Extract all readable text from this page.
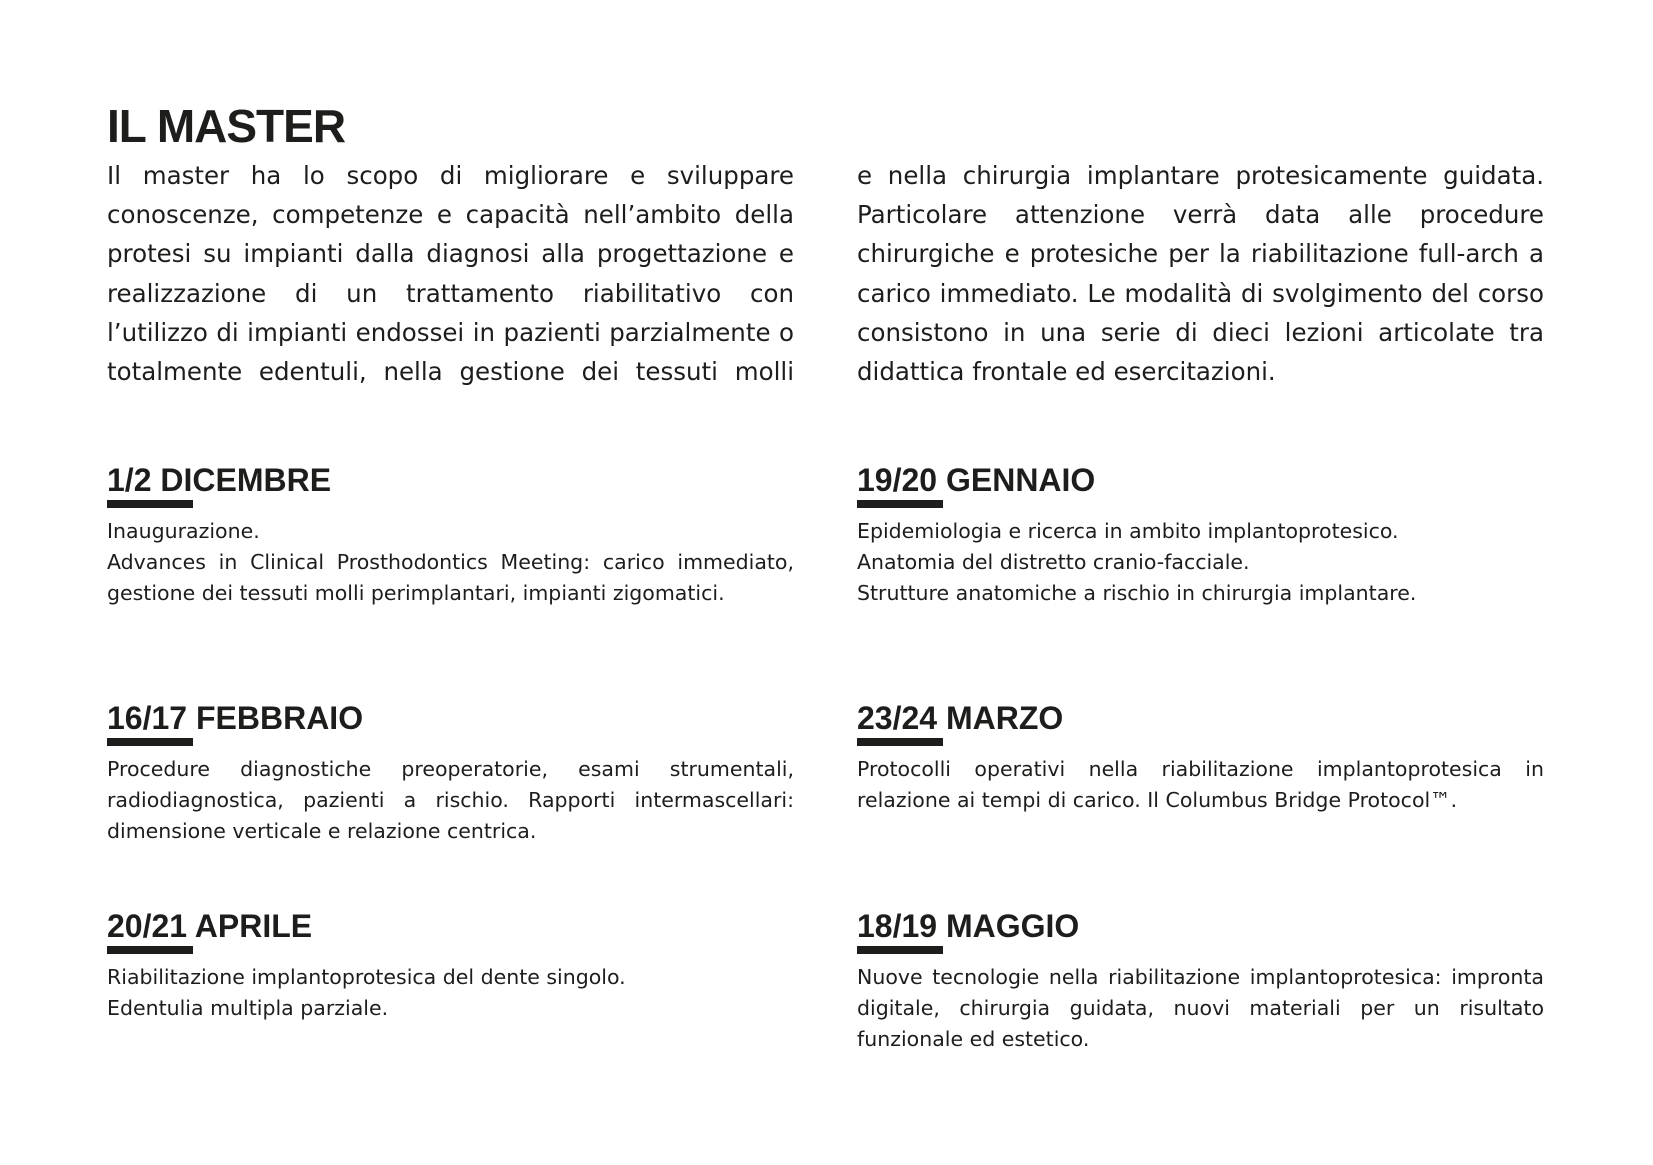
IL MASTER

Il master ha lo scopo di migliorare e sviluppare conoscenze, competenze e capacità nell’ambito della protesi su impianti dalla diagnosi alla progettazione e realizzazione di un trattamento riabilitativo con l’utilizzo di impianti endossei in pazienti parzialmente o totalmente edentuli, nella gestione dei tessuti molli

e nella chirurgia implantare protesicamente guidata. Particolare attenzione verrà data alle procedure chirurgiche e protesiche per la riabilitazione full-arch a carico immediato. Le modalità di svolgimento del corso consistono in una serie di dieci lezioni articolate tra didattica frontale ed esercitazioni.

1/2 DICEMBRE

Inaugurazione.

Advances in Clinical Prosthodontics Meeting: carico immediato, gestione dei tessuti molli perimplantari, impianti zigomatici.

19/20 GENNAIO

Epidemiologia e ricerca in ambito implantoprotesico.
Anatomia del distretto cranio-facciale.
Strutture anatomiche a rischio in chirurgia implantare.

16/17 FEBBRAIO

Procedure diagnostiche preoperatorie, esami strumentali, radiodiagnostica, pazienti a rischio. Rapporti intermascellari: dimensione verticale e relazione centrica.

23/24 MARZO

Protocolli operativi nella riabilitazione implantoprotesica in relazione ai tempi di carico. Il Columbus Bridge Protocol™.

20/21 APRILE

Riabilitazione implantoprotesica del dente singolo.
Edentulia multipla parziale.

18/19 MAGGIO

Nuove tecnologie nella riabilitazione implantoprotesica: impronta digitale, chirurgia guidata, nuovi materiali per un risultato funzionale ed estetico.
